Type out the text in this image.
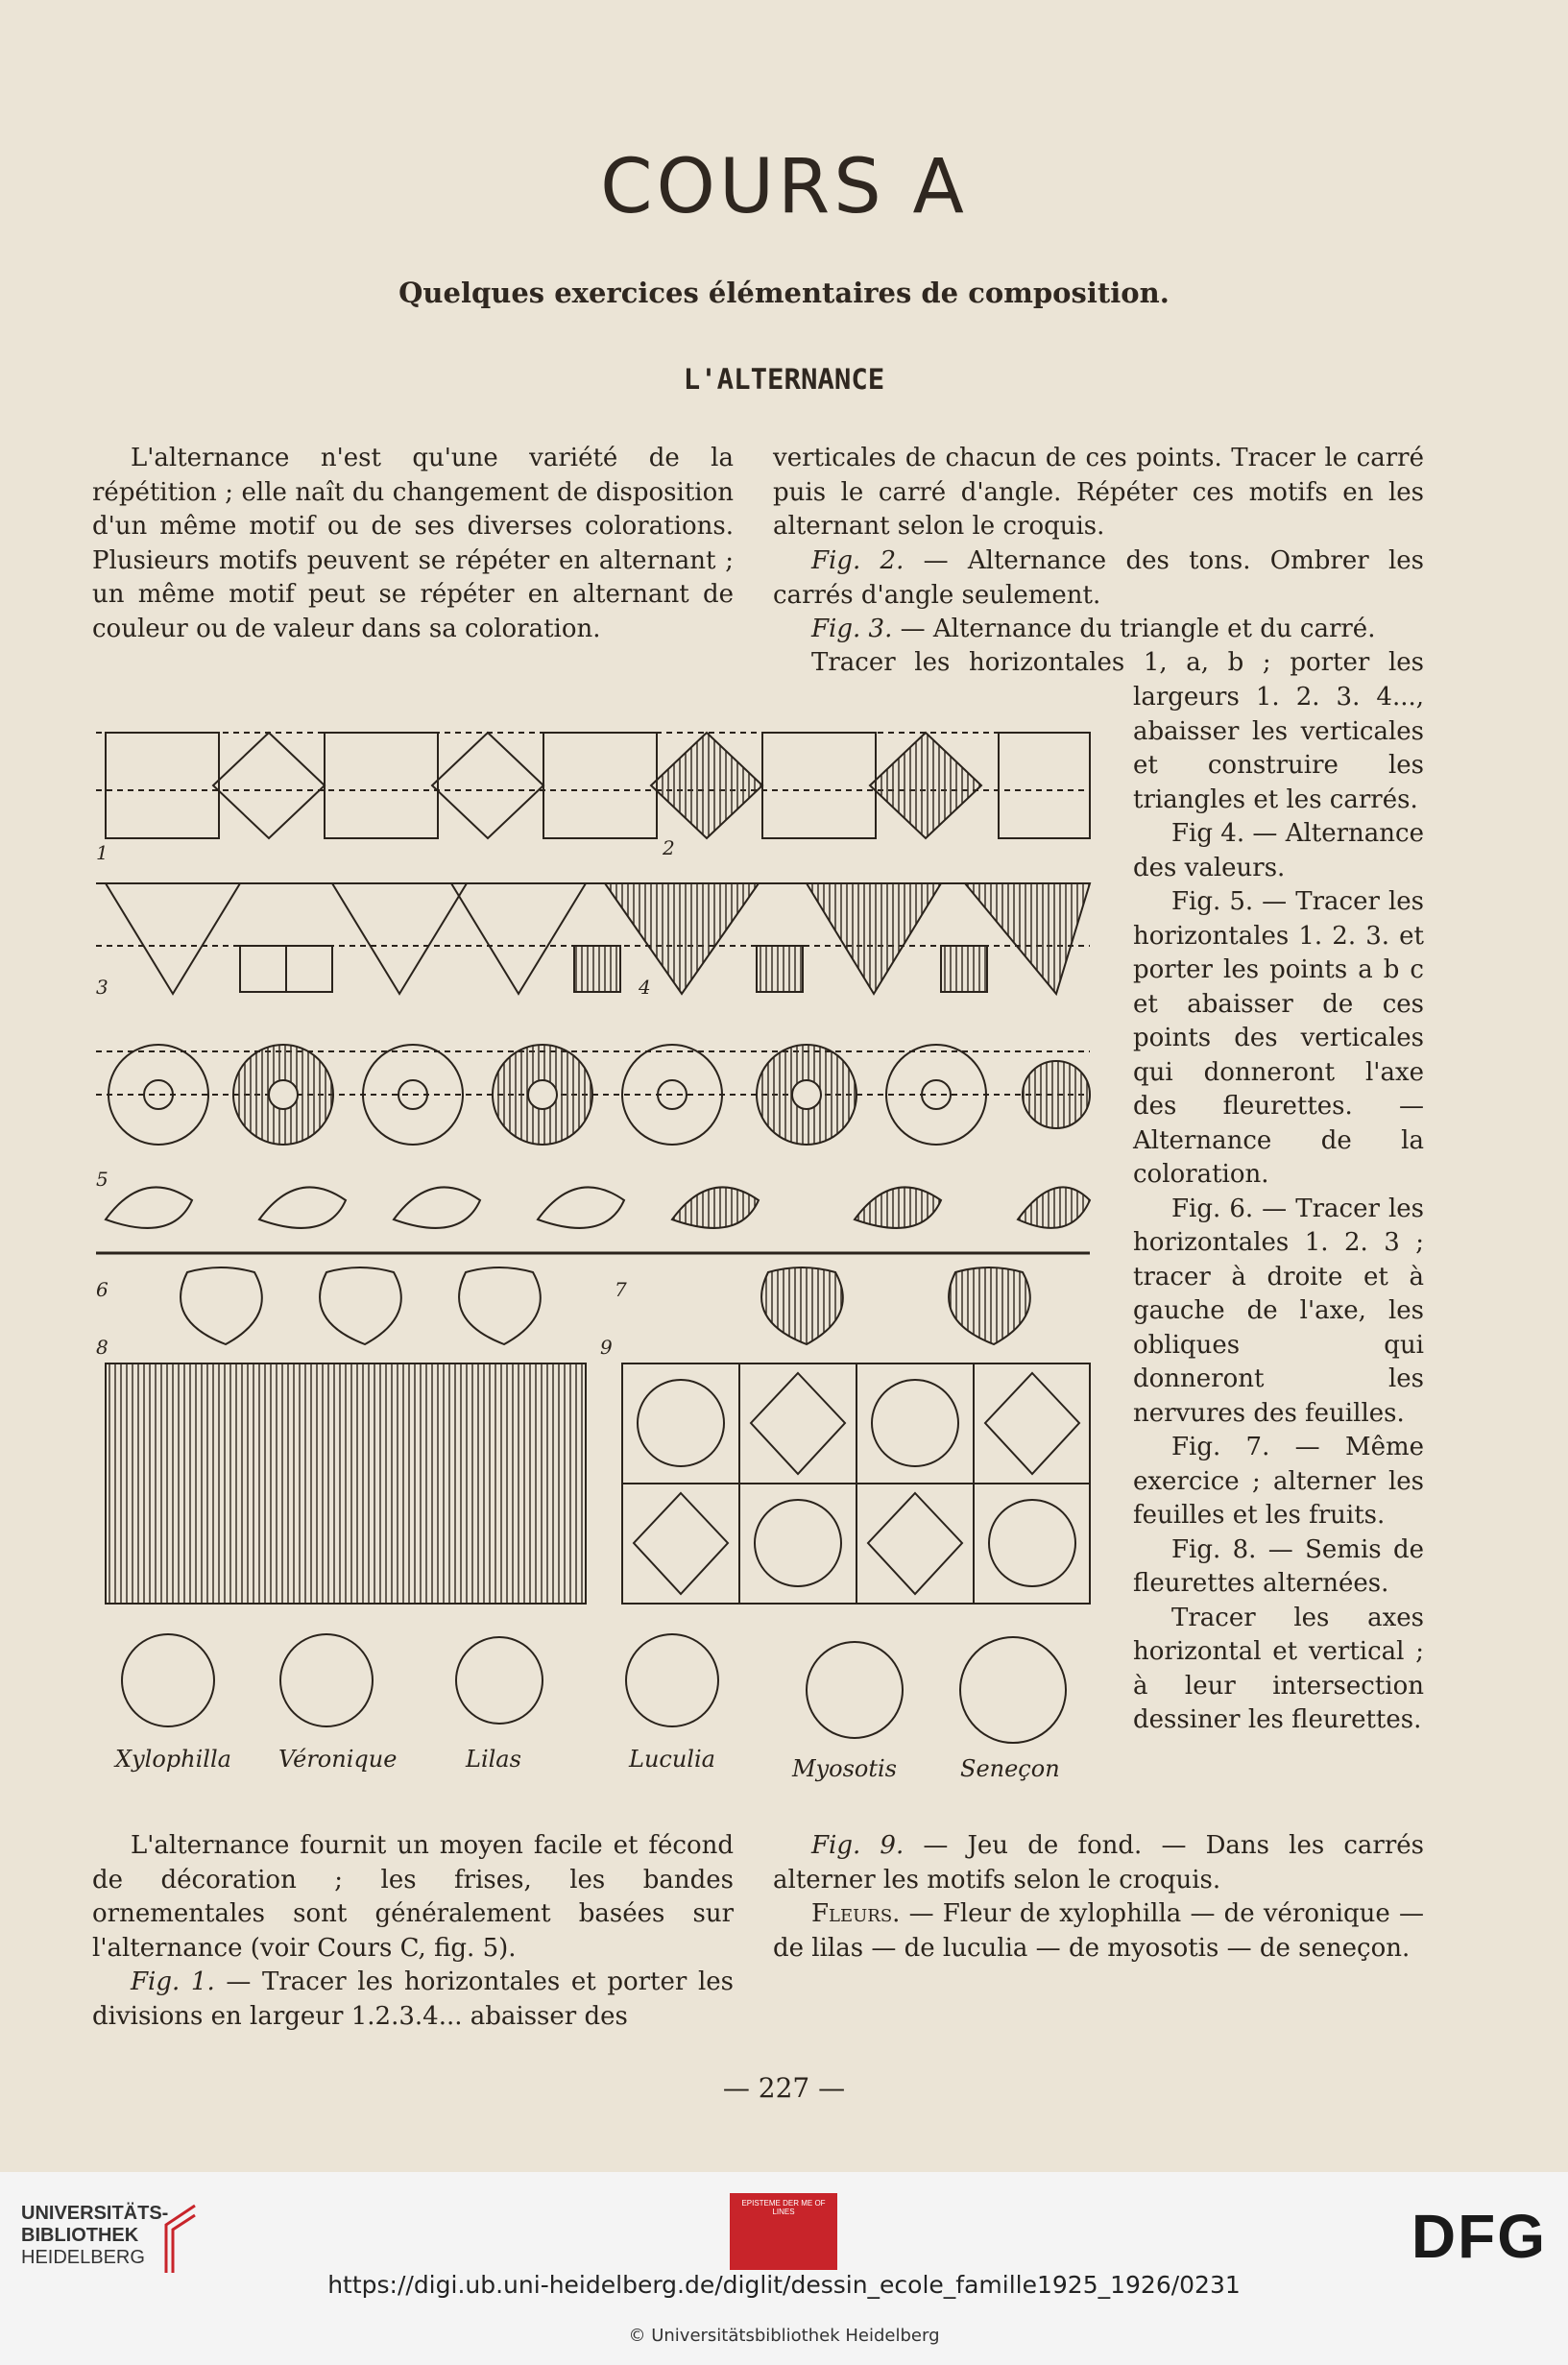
COURS A
Quelques exercices élémentaires de composition.
L'ALTERNANCE

L'alternance n'est qu'une variété de la répétition ; elle naît du changement de disposition d'un même motif ou de ses diverses colorations. Plusieurs motifs peuvent se répéter en alternant ; un même motif peut se répéter en alternant de couleur ou de valeur dans sa coloration.

verticales de chacun de ces points. Tracer le carré puis le carré d'angle. Répéter ces motifs en les alternant selon le croquis.

Fig. 2. — Alternance des tons. Ombrer les carrés d'angle seulement.

Fig. 3. — Alternance du triangle et du carré.

Tracer les horizontales 1, a, b ; porter les

largeurs 1. 2. 3. 4..., abaisser les verticales et construire les triangles et les carrés.

Fig 4. — Alternance des valeurs.

Fig. 5. — Tracer les horizontales 1. 2. 3. et porter les points a b c et abaisser de ces points des verticales qui donneront l'axe des fleurettes. — Alternance de la coloration.

Fig. 6. — Tracer les horizontales 1. 2. 3 ; tracer à droite et à gauche de l'axe, les obliques qui donneront les nervures des feuilles.

Fig. 7. — Même exercice ; alterner les feuilles et les fruits.

Fig. 8. — Semis de fleurettes alternées.

Tracer les axes horizontal et vertical ; à leur intersection dessiner les fleurettes.

Xylophilla Véronique	Lilas	Luculia	Myosotis	Seneçon
1	2
3	4
5
6	7
8	9

L'alternance fournit un moyen facile et fécond de décoration ; les frises, les bandes ornementales sont généralement basées sur l'alternance (voir Cours C, fig. 5).

Fig. 1. — Tracer les horizontales et porter les divisions en largeur 1.2.3.4... abaisser des

Fig. 9. — Jeu de fond. — Dans les carrés alterner les motifs selon le croquis.

Fleurs. — Fleur de xylophilla — de véronique — de lilas — de luculia — de myosotis — de seneçon.

— 227 —
UNIVERSITÄTS-
BIBLIOTHEK
HEIDELBERG
EPISTEME DER ME OF LINES	DFG
https://digi.ub.uni-heidelberg.de/diglit/dessin_ecole_famille1925_1926/0231
© Universitätsbibliothek Heidelberg
